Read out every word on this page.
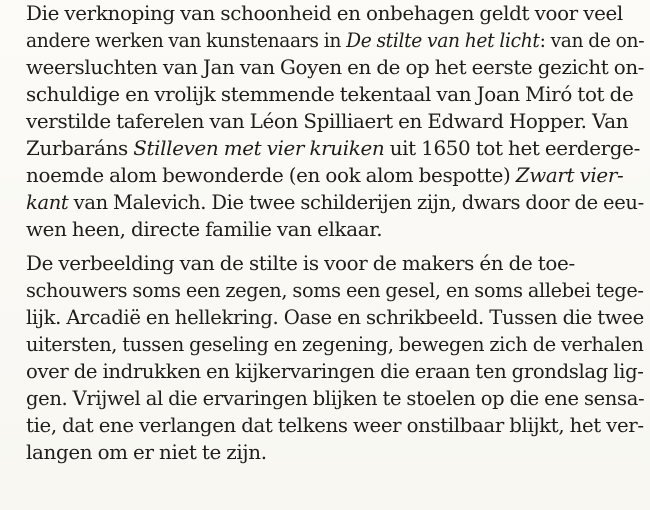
Die verknoping van schoonheid en onbehagen geldt voor veel
andere werken van kunstenaars in De stilte van het licht: van de on-
weersluchten van Jan van Goyen en de op het eerste gezicht on-
schuldige en vrolijk stemmende tekentaal van Joan Miró tot de
verstilde taferelen van Léon Spilliaert en Edward Hopper. Van
Zurbaráns Stilleven met vier kruiken uit 1650 tot het eerdergе-
noemde alom bewonderde (en ook alom bespotte) Zwart vier-
kant van Malevich. Die twee schilderijen zijn, dwars door de eeu-
wen heen, directe familie van elkaar.
De verbeelding van de stilte is voor de makers én de toe-
schouwers soms een zegen, soms een gesel, en soms allebei tege-
lijk. Arcadië en hellekring. Oase en schrikbeeld. Tussen die twee
uitersten, tussen geseling en zegening, bewegen zich de verhalen
over de indrukken en kijkervaringen die eraan ten grondslag lig-
gen. Vrijwel al die ervaringen blijken te stoelen op die ene sensa-
tie, dat ene verlangen dat telkens weer onstilbaar blijkt, het ver-
langen om er niet te zijn.
